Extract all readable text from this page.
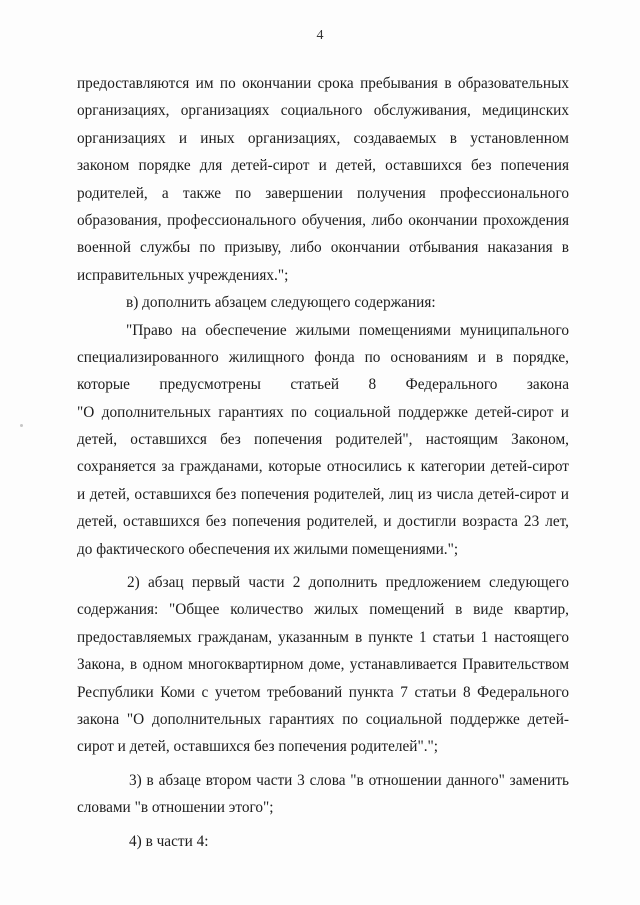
4
предоставляются им по окончании срока пребывания в образовательных
организациях, организациях социального обслуживания, медицинских
организациях и иных организациях, создаваемых в установленном
законом порядке для детей-сирот и детей, оставшихся без попечения
родителей, а также по завершении получения профессионального
образования, профессионального обучения, либо окончании прохождения
военной службы по призыву, либо окончании отбывания наказания в
исправительных учреждениях.";
в) дополнить абзацем следующего содержания:
"Право на обеспечение жилыми помещениями муниципального
специализированного жилищного фонда по основаниям и в порядке,
которые предусмотрены статьей 8 Федерального закона
"О дополнительных гарантиях по социальной поддержке детей-сирот и
детей, оставшихся без попечения родителей", настоящим Законом,
сохраняется за гражданами, которые относились к категории детей-сирот
и детей, оставшихся без попечения родителей, лиц из числа детей-сирот и
детей, оставшихся без попечения родителей, и достигли возраста 23 лет,
до фактического обеспечения их жилыми помещениями.";
2) абзац первый части 2 дополнить предложением следующего
содержания: "Общее количество жилых помещений в виде квартир,
предоставляемых гражданам, указанным в пункте 1 статьи 1 настоящего
Закона, в одном многоквартирном доме, устанавливается Правительством
Республики Коми с учетом требований пункта 7 статьи 8 Федерального
закона "О дополнительных гарантиях по социальной поддержке детей-
сирот и детей, оставшихся без попечения родителей".";
3) в абзаце втором части 3 слова "в отношении данного" заменить
словами "в отношении этого";
4) в части 4:
